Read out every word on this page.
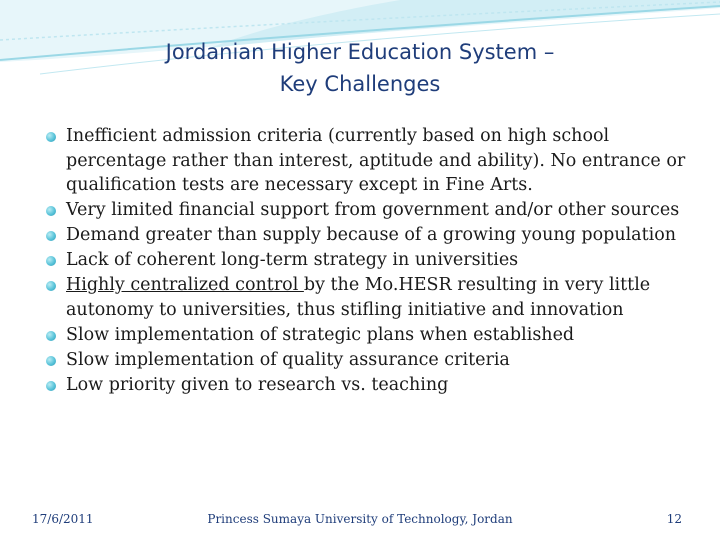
Jordanian Higher Education System –
Key Challenges
Inefficient admission criteria (currently based on high school percentage rather than interest, aptitude and ability). No entrance or qualification tests are necessary except in Fine Arts.
Very limited financial support from government and/or other sources
Demand greater than supply because of a growing young population
Lack of coherent long-term strategy in universities
Highly centralized control by the Mo.HESR resulting in very little autonomy to universities, thus stifling initiative and innovation
Slow implementation of strategic plans when established
Slow implementation of quality assurance criteria
Low priority given to research vs. teaching
Princess Sumaya University of Technology, Jordan
17/6/2011	12
